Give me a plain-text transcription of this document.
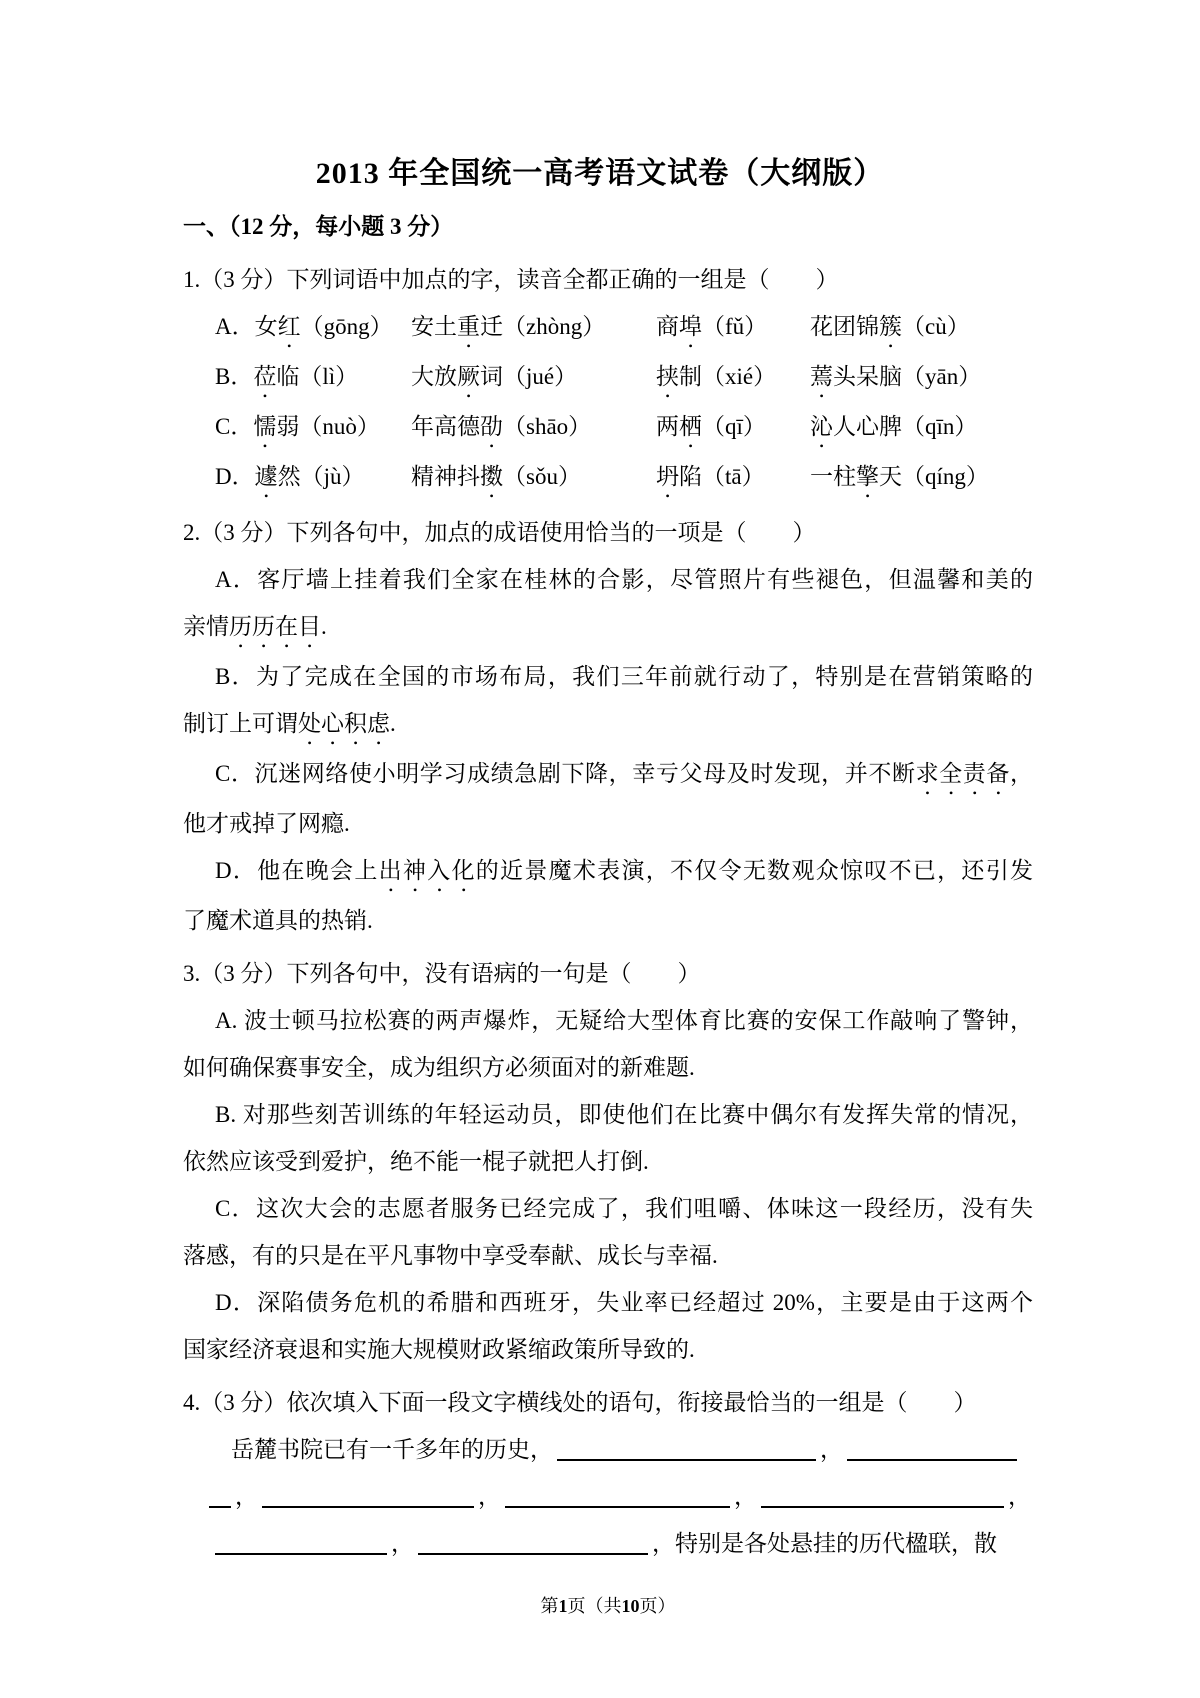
2013 年全国统一高考语文试卷（大纲版）
一、（12 分，每小题 3 分）
1.（3 分）下列词语中加点的字，读音全都正确的一组是（　　）
A．女红（gōng） 安土重迁（zhòng）	商埠（fǔ）	花团锦簇（cù）
B．莅临（lì）	大放厥词（jué）	挟制（xié）	蔫头呆脑（yān）
C．懦弱（nuò）	年高德劭（shāo）	两栖（qī）	沁人心脾（qīn）
D．遽然（jù）	精神抖擞（sǒu）	坍陷（tā）	一柱擎天（qíng）
2.（3 分）下列各句中，加点的成语使用恰当的一项是（　　）
A．客厅墙上挂着我们全家在桂林的合影，尽管照片有些褪色，但温馨和美的
亲情历历在目.
B．为了完成在全国的市场布局，我们三年前就行动了，特别是在营销策略的
制订上可谓处心积虑.
C．沉迷网络使小明学习成绩急剧下降，幸亏父母及时发现，并不断求全责备，
他才戒掉了网瘾.
D．他在晚会上出神入化的近景魔术表演，不仅令无数观众惊叹不已，还引发
了魔术道具的热销.
3.（3 分）下列各句中，没有语病的一句是（　　）
A. 波士顿马拉松赛的两声爆炸，无疑给大型体育比赛的安保工作敲响了警钟，
如何确保赛事安全，成为组织方必须面对的新难题.
B. 对那些刻苦训练的年轻运动员，即使他们在比赛中偶尔有发挥失常的情况，
依然应该受到爱护，绝不能一棍子就把人打倒.
C．这次大会的志愿者服务已经完成了，我们咀嚼、体味这一段经历，没有失
落感，有的只是在平凡事物中享受奉献、成长与幸福.
D．深陷债务危机的希腊和西班牙，失业率已经超过 20%，主要是由于这两个
国家经济衰退和实施大规模财政紧缩政策所导致的.
4.（3 分）依次填入下面一段文字横线处的语句，衔接最恰当的一组是（　　）
岳麓书院已有一千多年的历史，	，
，	，	，	，
，	，特别是各处悬挂的历代楹联，散
第1页（共10页）
